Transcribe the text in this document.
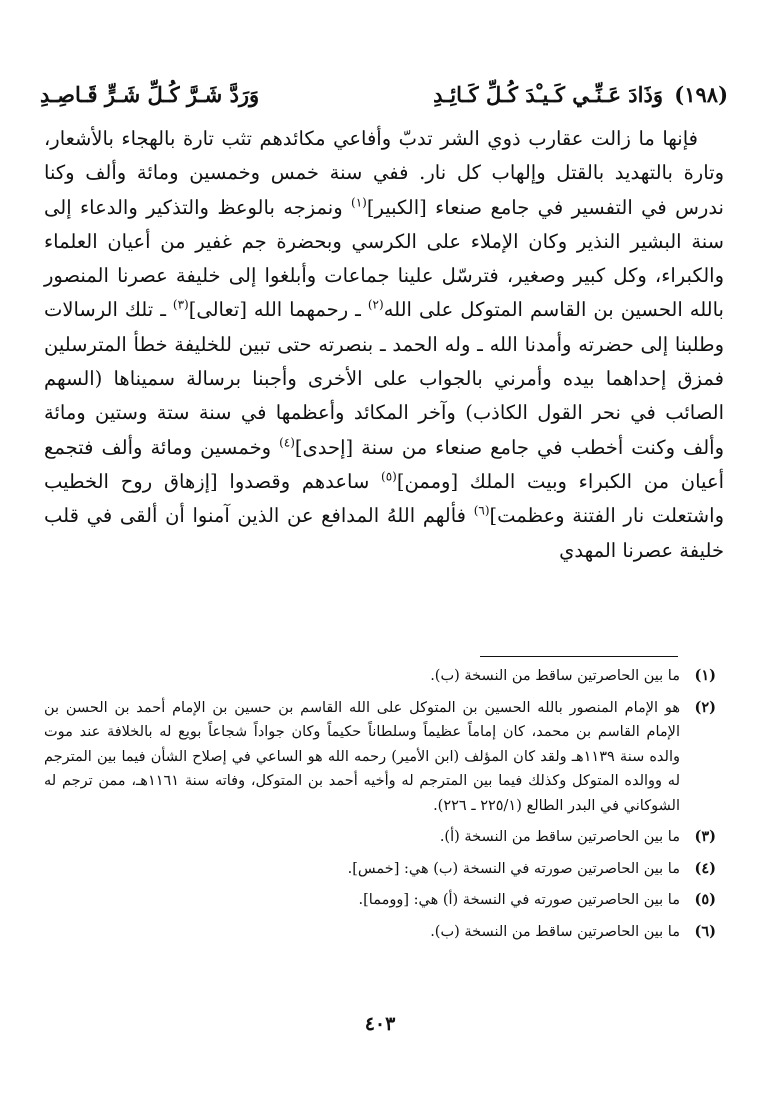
(١٩٨) وَذَادَ عَـنِّـي كَـيـْدَ كُـلِّ كَـائِـدِ
وَرَدَّ شَـرَّ كُـلِّ شَـرٍّ قَـاصِـدِ

فإنها ما زالت عقارب ذوي الشر تدبّ وأفاعي مكائدهم تثب تارة بالهجاء بالأشعار، وتارة بالتهديد بالقتل وإلهاب كل نار. ففي سنة خمس وخمسين ومائة وألف وكنا ندرس في التفسير في جامع صنعاء [الكبير]$^{(١)}$ ونمزجه بالوعظ والتذكير والدعاء إلى سنة البشير النذير وكان الإملاء على الكرسي وبحضرة جم غفير من أعيان العلماء والكبراء، وكل كبير وصغير، فترسّل علينا جماعات وأبلغوا إلى خليفة عصرنا المنصور بالله الحسين بن القاسم المتوكل على الله$^{(٢)}$ ـ رحمهما الله [تعالى]$^{(٣)}$ ـ تلك الرسالات وطلبنا إلى حضرته وأمدنا الله ـ وله الحمد ـ بنصرته حتى تبين للخليفة خطأ المترسلين فمزق إحداهما بيده وأمرني بالجواب على الأخرى وأجبنا برسالة سميناها (السهم الصائب في نحر القول الكاذب) وآخر المكائد وأعظمها في سنة ستة وستين ومائة وألف وكنت أخطب في جامع صنعاء من سنة [إحدى]$^{(٤)}$ وخمسين ومائة وألف فتجمع أعيان من الكبراء وبيت الملك [وممن]$^{(٥)}$ ساعدهم وقصدوا [إزهاق روح الخطيب واشتعلت نار الفتنة وعظمت]$^{(٦)}$ فألهم اللهُ المدافع عن الذين آمنوا أن ألقى في قلب خليفة عصرنا المهدي

(١)
ما بين الحاصرتين ساقط من النسخة (ب).
(٢)
هو الإمام المنصور بالله الحسين بن المتوكل على الله القاسم بن حسين بن الإمام أحمد بن الحسن بن الإمام القاسم بن محمد، كان إماماً عظيماً وسلطاناً حكيماً وكان جواداً شجاعاً بويع له بالخلافة عند موت والده سنة ١١٣٩هـ ولقد كان المؤلف (ابن الأمير) رحمه الله هو الساعي في إصلاح الشأن فيما بين المترجم له ووالده المتوكل وكذلك فيما بين المترجم له وأخيه أحمد بن المتوكل، وفاته سنة ١١٦١هـ، ممن ترجم له الشوكاني في البدر الطالع (٢٢٥/١ ـ ٢٢٦).
(٣)
ما بين الحاصرتين ساقط من النسخة (أ).
(٤)
ما بين الحاصرتين صورته في النسخة (ب) هي: [خمس].
(٥)
ما بين الحاصرتين صورته في النسخة (أ) هي: [وومما].
(٦)
ما بين الحاصرتين ساقط من النسخة (ب).
٤٠٣
